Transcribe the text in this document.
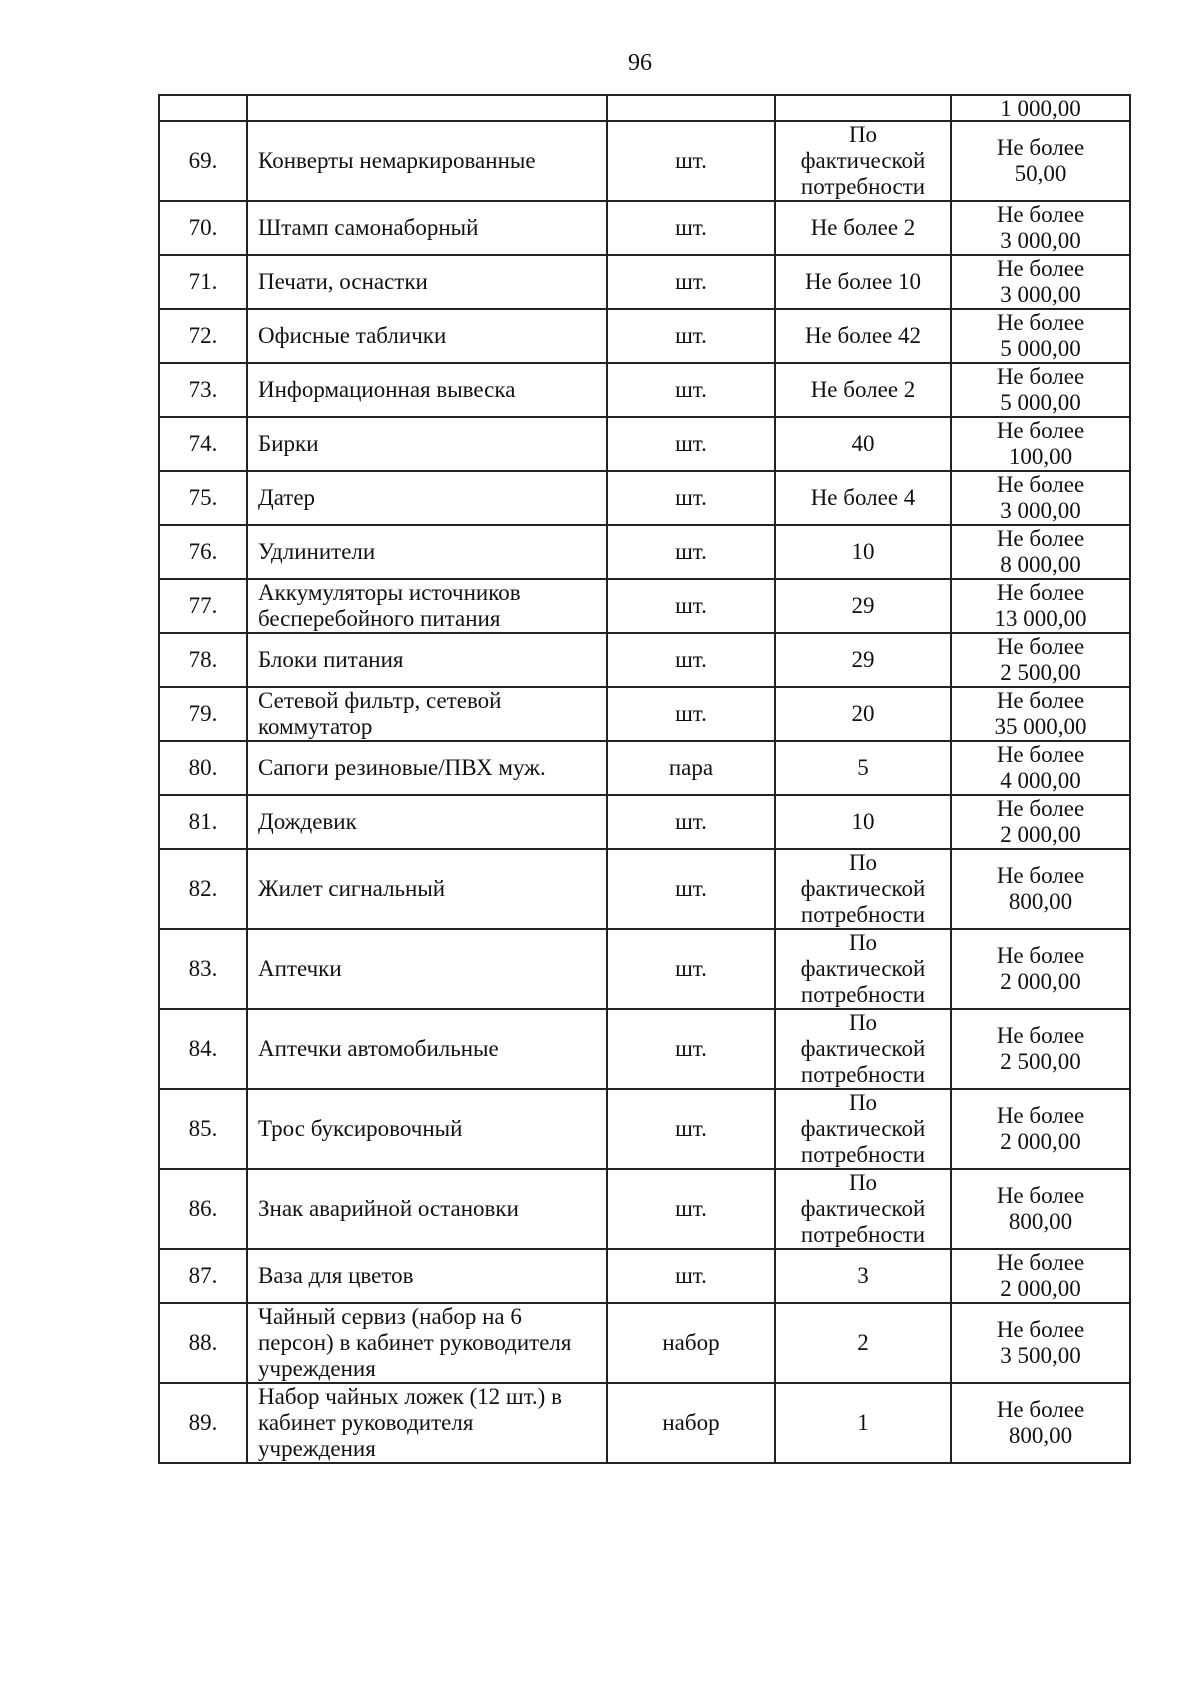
96
				1 000,00
69.	Конверты немаркированные	шт.	По
фактической
потребности	Не более
50,00

70.	Штамп самонаборный	шт.	Не более 2	Не более
3 000,00

71.	Печати, оснастки	шт.	Не более 10	Не более
3 000,00

72.	Офисные таблички	шт.	Не более 42	Не более
5 000,00

73.	Информационная вывеска	шт.	Не более 2	Не более
5 000,00

74.	Бирки	шт.	40	Не более
100,00

75.	Датер	шт.	Не более 4	Не более
3 000,00

76.	Удлинители	шт.	10	Не более
8 000,00

77.	Аккумуляторы источников
бесперебойного питания	шт.	29	Не более
13 000,00

78.	Блоки питания	шт.	29	Не более
2 500,00

79.	Сетевой фильтр, сетевой
коммутатор	шт.	20	Не более
35 000,00

80.	Сапоги резиновые/ПВХ муж.	пара	5	Не более
4 000,00

81.	Дождевик	шт.	10	Не более
2 000,00

82.	Жилет сигнальный	шт.	По
фактической
потребности	Не более
800,00

83.	Аптечки	шт.	По
фактической
потребности	Не более
2 000,00

84.	Аптечки автомобильные	шт.	По
фактической
потребности	Не более
2 500,00

85.	Трос буксировочный	шт.	По
фактической
потребности	Не более
2 000,00

86.	Знак аварийной остановки	шт.	По
фактической
потребности	Не более
800,00

87.	Ваза для цветов	шт.	3	Не более
2 000,00

88.	Чайный сервиз (набор на 6
персон) в кабинет руководителя
учреждения	набор	2	Не более
3 500,00

89.	Набор чайных ложек (12 шт.) в
кабинет руководителя
учреждения	набор	1	Не более
800,00
